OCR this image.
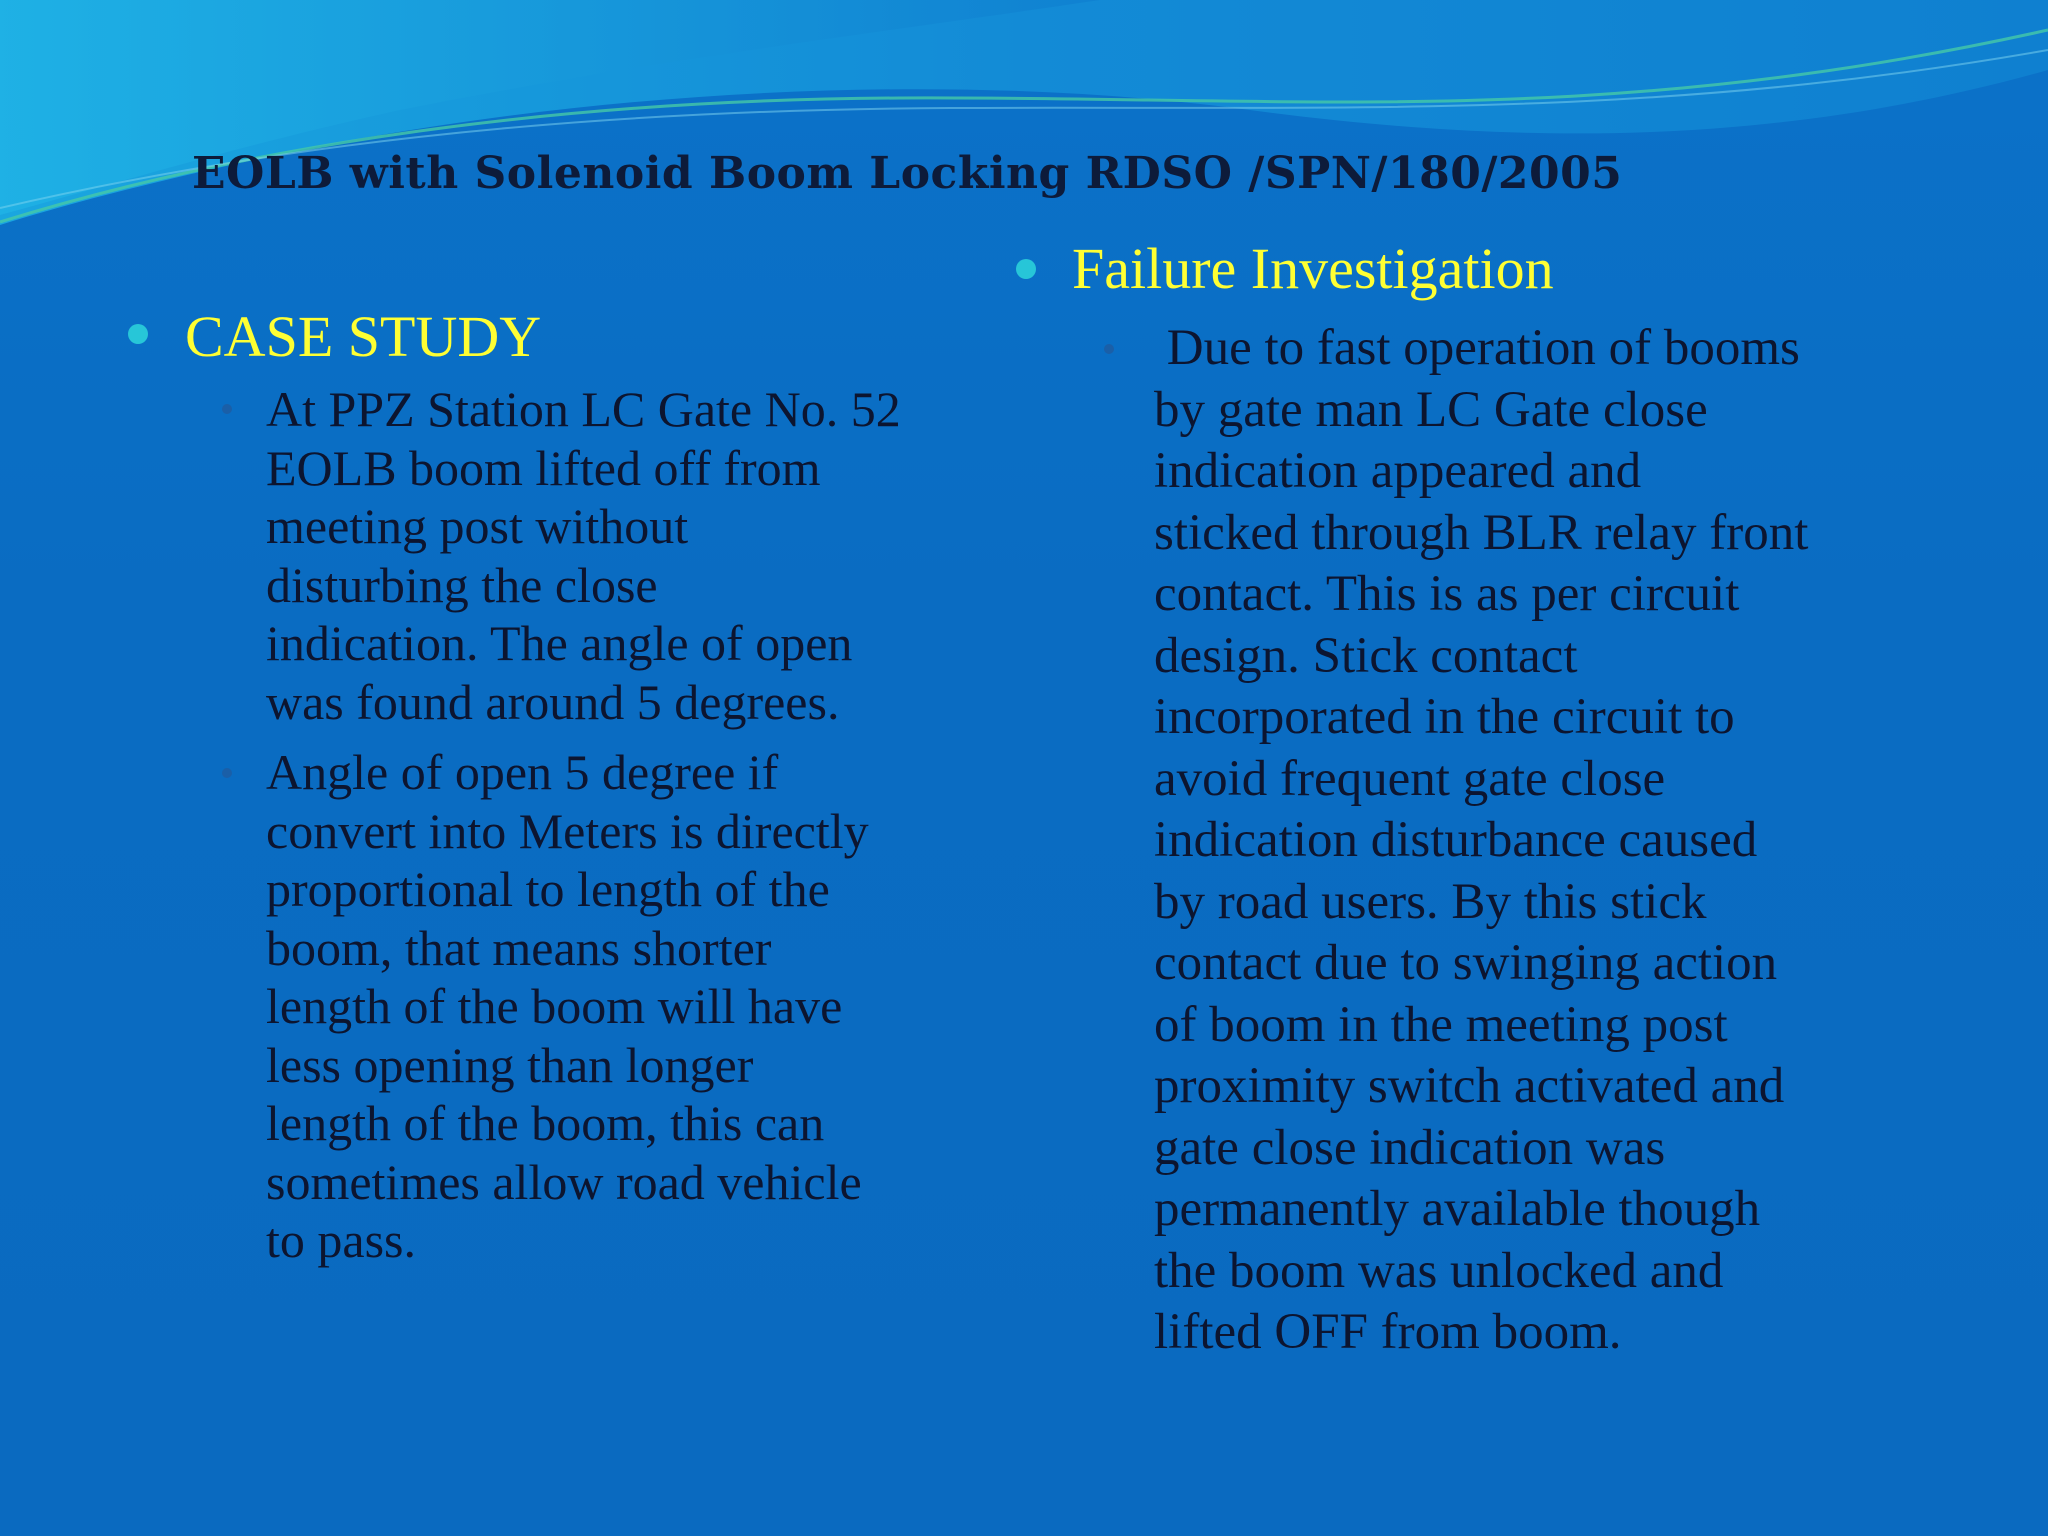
EOLB with Solenoid Boom Locking RDSO /SPN/180/2005
CASE STUDY

At PPZ Station LC Gate No. 52
EOLB boom lifted off from
meeting post without
disturbing the close
indication. The angle of open
was found around 5 degrees.

Angle of open 5 degree if
convert into Meters is directly
proportional to length of the
boom, that means shorter
length of the boom will have
less opening than longer
length of the boom, this can
sometimes allow road vehicle
to pass.

Failure Investigation

Due to fast operation of booms
by gate man LC Gate close
indication appeared and
sticked through BLR relay front
contact. This is as per circuit
design. Stick contact
incorporated in the circuit to
avoid frequent gate close
indication disturbance caused
by road users. By this stick
contact due to swinging action
of boom in the meeting post
proximity switch activated and
gate close indication was
permanently available though
the boom was unlocked and
lifted OFF from boom.
